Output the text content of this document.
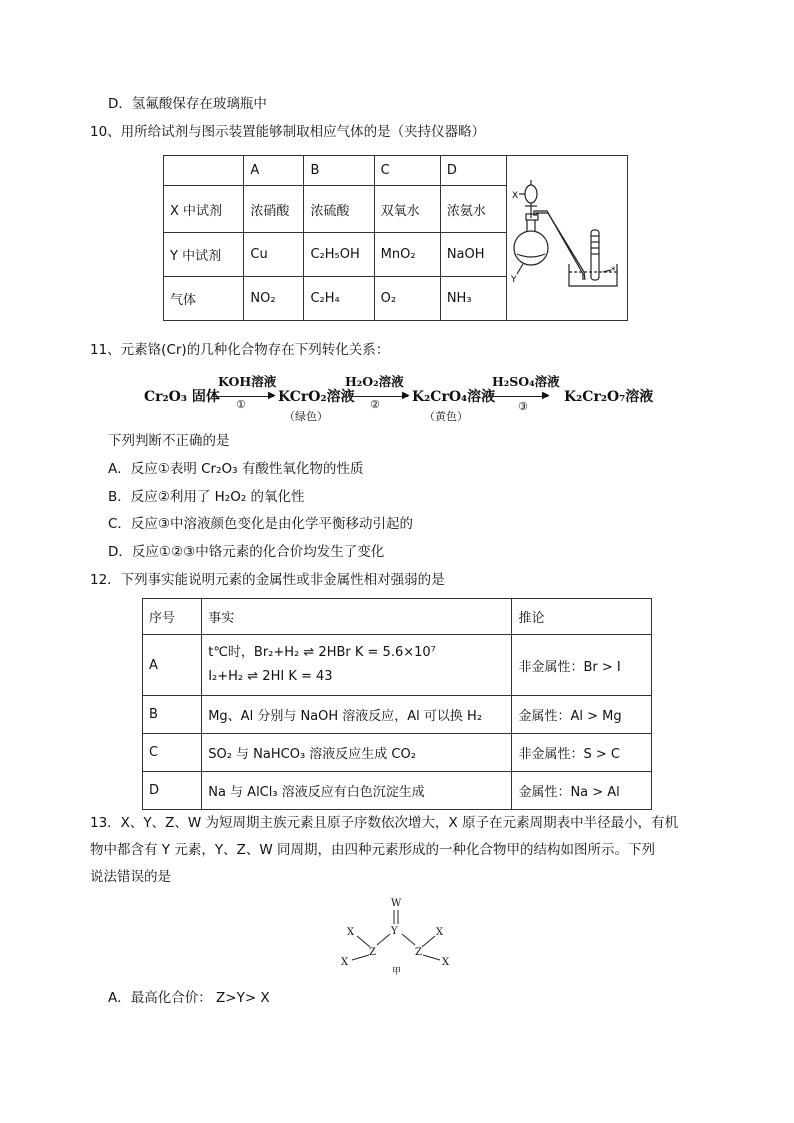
D．氢氟酸保存在玻璃瓶中
10、用所给试剂与图示装置能够制取相应气体的是（夹持仪器略）
	A	B	C	D
X 中试剂	浓硝酸	浓硫酸	双氧水	浓氨水
Y 中试剂	Cu	C₂H₅OH	MnO₂	NaOH
气体	NO₂	C₂H₄	O₂	NH₃
X
Y
*
11、元素铬(Cr)的几种化合物存在下列转化关系：
Cr₂O₃ 固体
KOH溶液
▶
① KCrO₂溶液
（绿色）
H₂O₂溶液
▶
② K₂CrO₄溶液
（黄色）
H₂SO₄溶液
▶
③
K₂Cr₂O₇溶液
下列判断不正确的是
A．反应①表明 Cr₂O₃ 有酸性氧化物的性质
B．反应②利用了 H₂O₂ 的氧化性
C．反应③中溶液颜色变化是由化学平衡移动引起的
D．反应①②③中铬元素的化合价均发生了变化
12．下列事实能说明元素的金属性或非金属性相对强弱的是
序号	事实	推论
A	t℃时，Br₂+H₂ ⇌ 2HBr K = 5.6×10⁷
I₂+H₂ ⇌ 2HI K = 43	非金属性：Br > I
B	Mg、Al 分别与 NaOH 溶液反应，Al 可以换 H₂	金属性：Al > Mg
C	SO₂ 与 NaHCO₃ 溶液反应生成 CO₂	非金属性：S > C
D	Na 与 AlCl₃ 溶液反应有白色沉淀生成	金属性：Na > Al
13．X、Y、Z、W 为短周期主族元素且原子序数依次增大，X 原子在元素周期表中半径最小，有机
物中都含有 Y 元素，Y、Z、W 同周期，由四种元素形成的一种化合物甲的结构如图所示。下列
说法错误的是
W
Y
Z	Z
X
X
X
X
甲
A．最高化合价： Z>Y> X
